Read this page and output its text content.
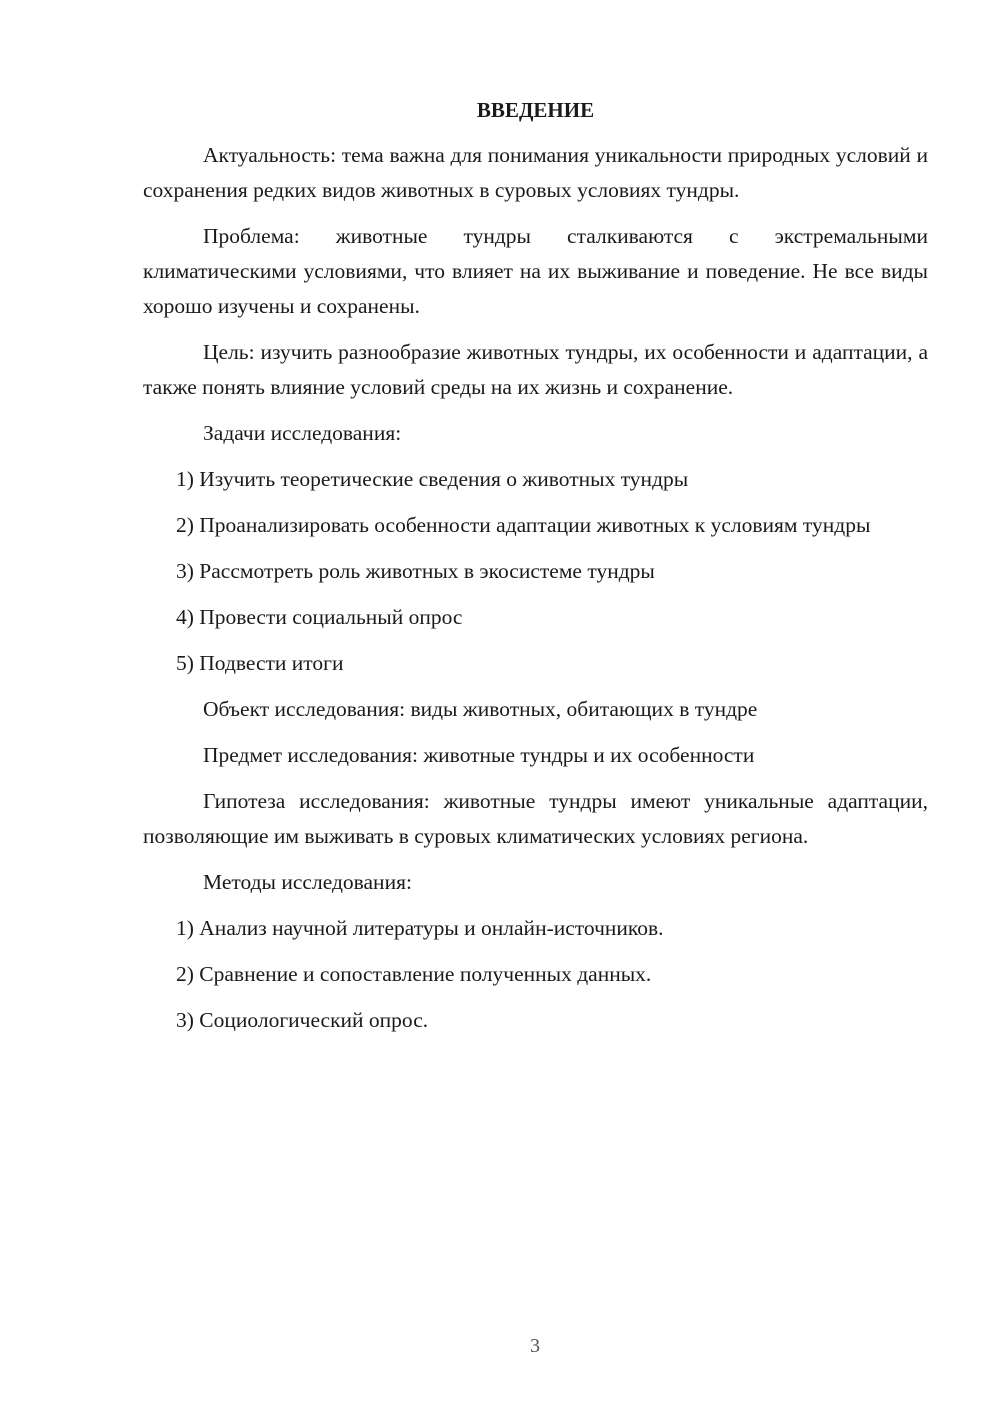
ВВЕДЕНИЕ

Актуальность: тема важна для понимания уникальности природных условий и сохранения редких видов животных в суровых условиях тундры.

Проблема: животные тундры сталкиваются с экстремальными климатическими условиями, что влияет на их выживание и поведение. Не все виды хорошо изучены и сохранены.

Цель: изучить разнообразие животных тундры, их особенности и адаптации, а также понять влияние условий среды на их жизнь и сохранение.

Задачи исследования:

1) Изучить теоретические сведения о животных тундры

2) Проанализировать особенности адаптации животных к условиям тундры

3) Рассмотреть роль животных в экосистеме тундры

4) Провести социальный опрос

5) Подвести итоги

Объект исследования: виды животных, обитающих в тундре

Предмет исследования: животные тундры и их особенности

Гипотеза исследования: животные тундры имеют уникальные адаптации, позволяющие им выживать в суровых климатических условиях региона.

Методы исследования:

1) Анализ научной литературы и онлайн-источников.

2) Сравнение и сопоставление полученных данных.

3) Социологический опрос.

3
